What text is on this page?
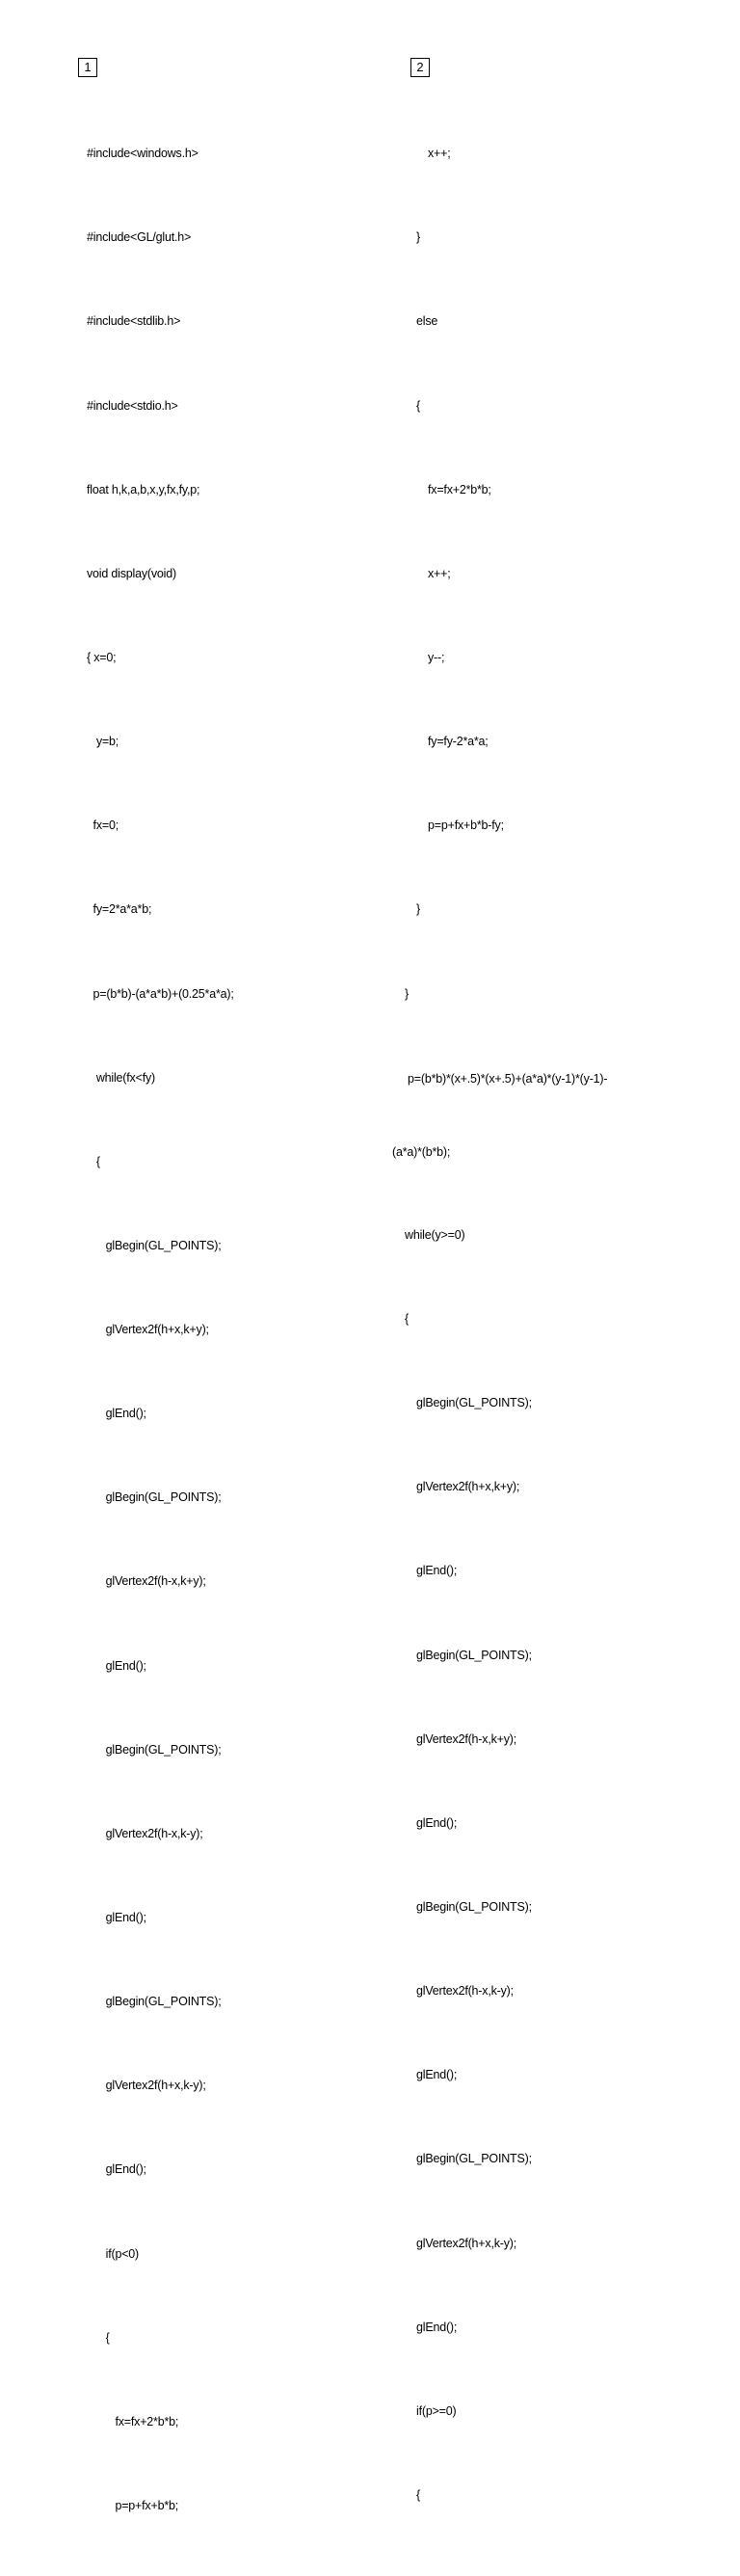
1	2

#include<windows.h>

#include<GL/glut.h>

#include<stdlib.h>

#include<stdio.h>

float h,k,a,b,x,y,fx,fy,p;

void display(void)

{ x=0;

y=b;

fx=0;

fy=2*a*a*b;

p=(b*b)-(a*a*b)+(0.25*a*a);

while(fx<fy)

{

glBegin(GL_POINTS);

glVertex2f(h+x,k+y);

glEnd();

glBegin(GL_POINTS);

glVertex2f(h-x,k+y);

glEnd();

glBegin(GL_POINTS);

glVertex2f(h-x,k-y);

glEnd();

glBegin(GL_POINTS);

glVertex2f(h+x,k-y);

glEnd();

if(p<0)

{

fx=fx+2*b*b;

p=p+fx+b*b;

x++;

}

else

{

fx=fx+2*b*b;

x++;

y--;

fy=fy-2*a*a;

p=p+fx+b*b-fy;

}

}

p=(b*b)*(x+.5)*(x+.5)+(a*a)*(y-1)*(y-1)-

(a*a)*(b*b);

while(y>=0)

{

glBegin(GL_POINTS);

glVertex2f(h+x,k+y);

glEnd();

glBegin(GL_POINTS);

glVertex2f(h-x,k+y);

glEnd();

glBegin(GL_POINTS);

glVertex2f(h-x,k-y);

glEnd();

glBegin(GL_POINTS);

glVertex2f(h+x,k-y);

glEnd();

if(p>=0)

{
